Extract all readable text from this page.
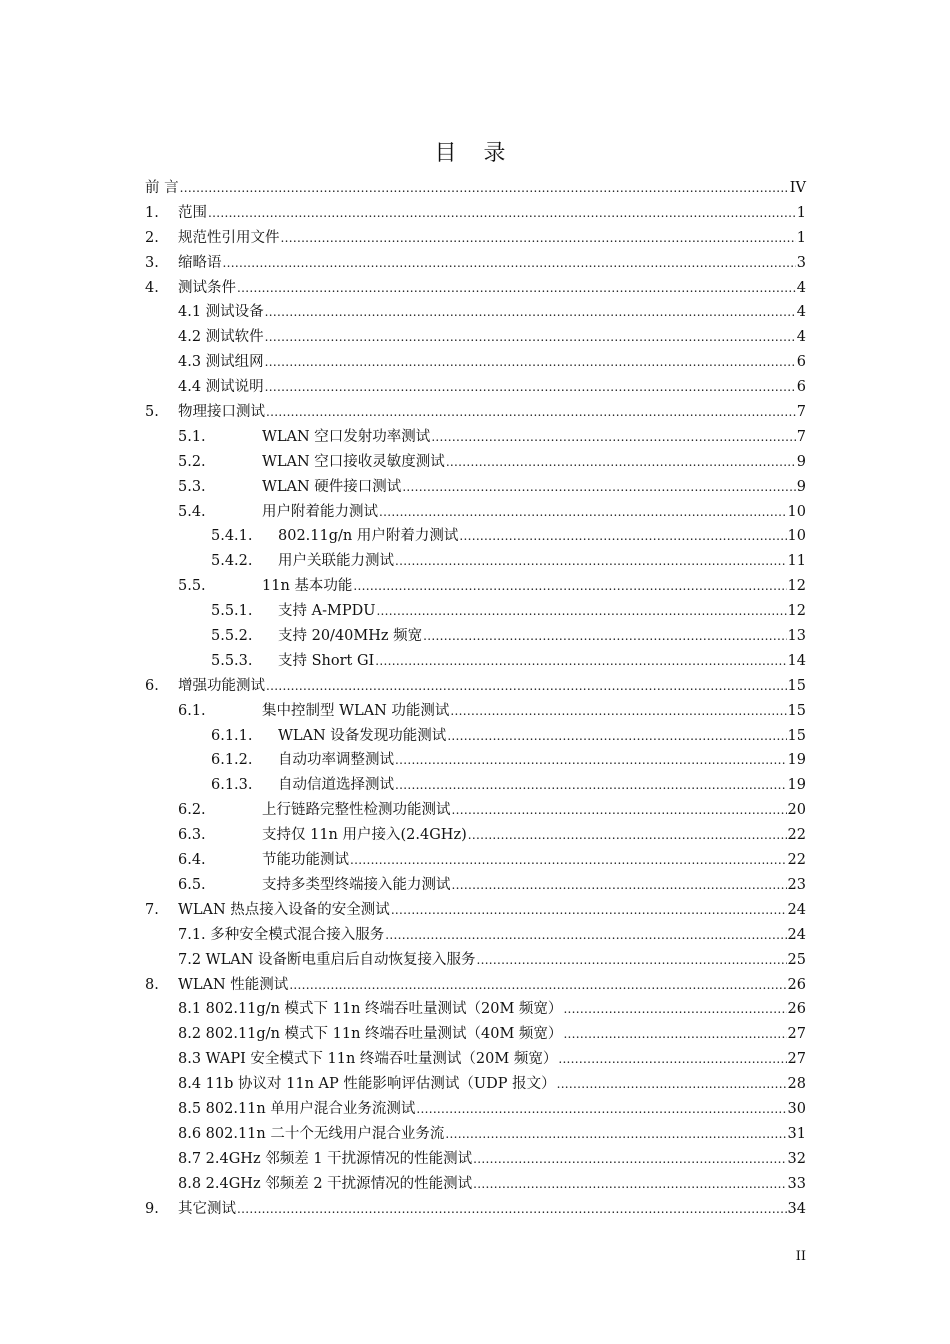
目 录
前 言 .....	IV
1.	范围 .....	1
2.	规范性引用文件 .....	1
3.	缩略语 .....	3
4.	测试条件 .....	4
4.1 测试设备 .....	4
4.2 测试软件 .....	4
4.3 测试组网 .....	6
4.4 测试说明 .....	6
5.	物理接口测试 .....	7
5.1.	WLAN 空口发射功率测试 .....	7
5.2.	WLAN 空口接收灵敏度测试 .....	9
5.3.	WLAN 硬件接口测试 .....	9
5.4.	用户附着能力测试 .....	10
5.4.1.	802.11g/n 用户附着力测试 .....	10
5.4.2.	用户关联能力测试 .....	11
5.5.	11n 基本功能 .....	12
5.5.1.	支持 A-MPDU .....	12
5.5.2.	支持 20/40MHz 频宽 .....	13
5.5.3.	支持 Short GI .....	14
6.	增强功能测试 .....	15
6.1.	集中控制型 WLAN 功能测试 .....	15
6.1.1.	WLAN 设备发现功能测试 .....	15
6.1.2.	自动功率调整测试 .....	19
6.1.3.	自动信道选择测试 .....	19
6.2.	上行链路完整性检测功能测试 .....	20
6.3.	支持仅 11n 用户接入(2.4GHz) .....	22
6.4.	节能功能测试 .....	22
6.5.	支持多类型终端接入能力测试 .....	23
7.	WLAN 热点接入设备的安全测试 .....	24
7.1. 多种安全模式混合接入服务 .....	24
7.2 WLAN 设备断电重启后自动恢复接入服务 .....	25
8.	WLAN 性能测试 .....	26
8.1 802.11g/n 模式下 11n 终端吞吐量测试（20M 频宽） .....	26
8.2 802.11g/n 模式下 11n 终端吞吐量测试（40M 频宽） .....	27
8.3 WAPI 安全模式下 11n 终端吞吐量测试（20M 频宽） .....	27
8.4 11b 协议对 11n AP 性能影响评估测试（UDP 报文） .....	28
8.5 802.11n 单用户混合业务流测试 .....	30
8.6 802.11n 二十个无线用户混合业务流 .....	31
8.7 2.4GHz 邻频差 1 干扰源情况的性能测试 .....	32
8.8 2.4GHz 邻频差 2 干扰源情况的性能测试 .....	33
9.	其它测试 .....	34
II
